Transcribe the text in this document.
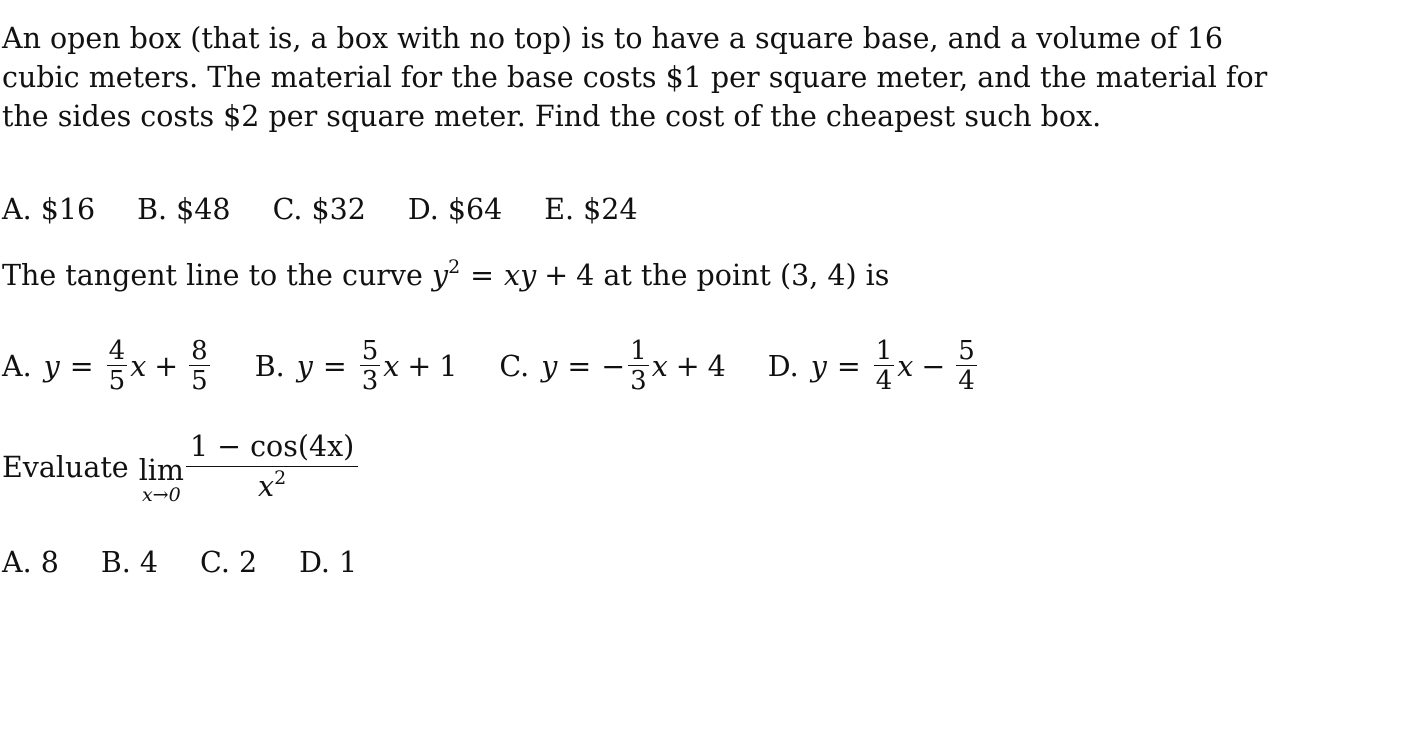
An open box (that is, a box with no top) is to have a square base, and a volume of 16
cubic meters. The material for the base costs $1 per square meter, and the material for
the sides costs $2 per square meter. Find the cost of the cheapest such box.

A. $16 B. $48 C. $32 D. $64 E. $24

The tangent line to the curve $y^2$ = xy + 4 at the point (3, 4) is

A. $y = \frac{4}{5}$ $x + \frac{8}{5} B$. $y = \frac{5}{3}$ x + 1 C. y = − $\frac{1}{3}$ x + 4 D. $y = \frac{1}{4}$ $x - \frac{5}{4}$
Evaluate lim
$x\to 0 \frac{1 - \cos(4x)}{x^2}$
A. 8 B. 4 C. 2 D. 1
